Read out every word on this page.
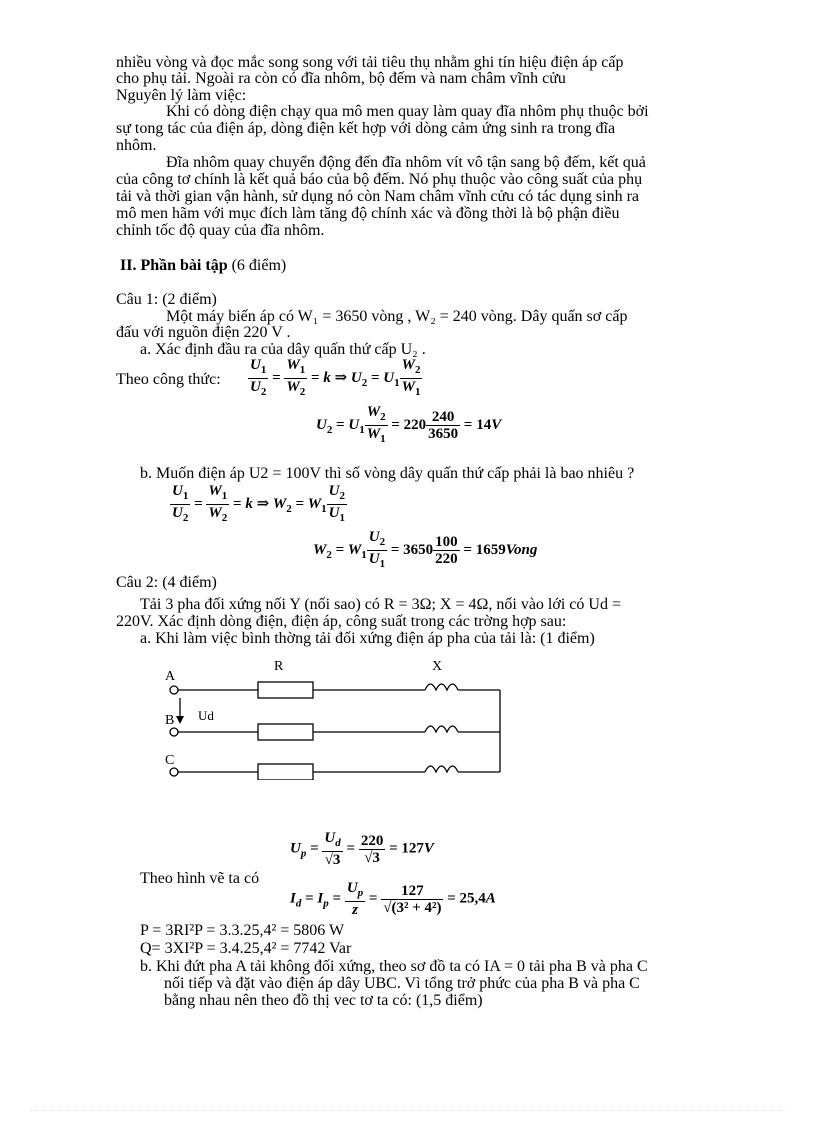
nhiều vòng và đọc mắc song song với tải tiêu thụ nhằm ghi tín hiệu điện áp cấp
cho phụ tải. Ngoài ra còn có đĩa nhôm, bộ đếm và nam châm vĩnh cửu
Nguyên lý làm việc:
Khi có dòng điện chạy qua mô men quay làm quay đĩa nhôm phụ thuộc bởi
sự tong tác của điện áp, dòng điện kết hợp với dòng cảm ứng sinh ra trong đĩa
nhôm.
Đĩa nhôm quay chuyển động đến đĩa nhôm vít vô tận sang bộ đếm, kết quả
của công tơ chính là kết quả báo của bộ đếm. Nó phụ thuộc vào công suất của phụ
tải và thời gian vận hành, sử dụng nó còn Nam châm vĩnh cửu có tác dụng sinh ra
mô men hãm với mục đích làm tăng độ chính xác và đồng thời là bộ phận điều
chỉnh tốc độ quay của đĩa nhôm.
II. Phần bài tập (6 điểm)
Câu 1: (2 điểm)
Một máy biến áp có W₁ = 3650 vòng , W₂ = 240 vòng. Dây quấn sơ cấp
đấu với nguồn điện 220 V .
a. Xác định đầu ra của dây quấn thứ cấp U₂ .
Theo công thức: $\frac{U_1}{U_2} = \frac{W_1}{W_2} = k$ ⇒ $U_2 = U_1 \frac{W_2}{W_1}$
$U_2 = U_1 \frac{W_2}{W_1} = 220 \frac{240}{3650} = 14V$
b. Muốn điện áp U2 = 100V thì số vòng dây quấn thứ cấp phải là bao nhiêu ?
$\frac{U_1}{U_2} = \frac{W_1}{W_2} = k$ ⇒ $W_2 = W_1 \frac{U_2}{U_1}$
$W_2 = W_1 \frac{U_2}{U_1} = 3650 \frac{100}{220}$ = 1659Vong
Câu 2: (4 điểm)
Tải 3 pha đối xứng nối Y (nối sao) có R = 3Ω; X = 4Ω, nối vào lới có Ud =
220V. Xác định dòng điện, điện áp, công suất trong các trờng hợp sau:
a. Khi làm việc bình thờng tải đối xứng điện áp pha của tải là: (1 điểm)
R	X
A
B
C
Ud
$U_p = \frac{U_d}{√3} = \frac{220}{√3} = 127V$
Theo hình vẽ ta có
$I_d = I_p = \frac{U_p}{z} = \frac{127}{\text{√(3² + 4²)}} = 25,4A$
P = 3RI²P = 3.3.25,4² = 5806 W
Q= 3XI²P = 3.4.25,4² = 7742 Var
b. Khi đứt pha A tải không đối xứng, theo sơ đồ ta có IA = 0 tải pha B và pha C
nối tiếp và đặt vào điện áp dây UBC. Vì tổng trở phức của pha B và pha C
bằng nhau nên theo đồ thị vec tơ ta có: (1,5 điểm)
